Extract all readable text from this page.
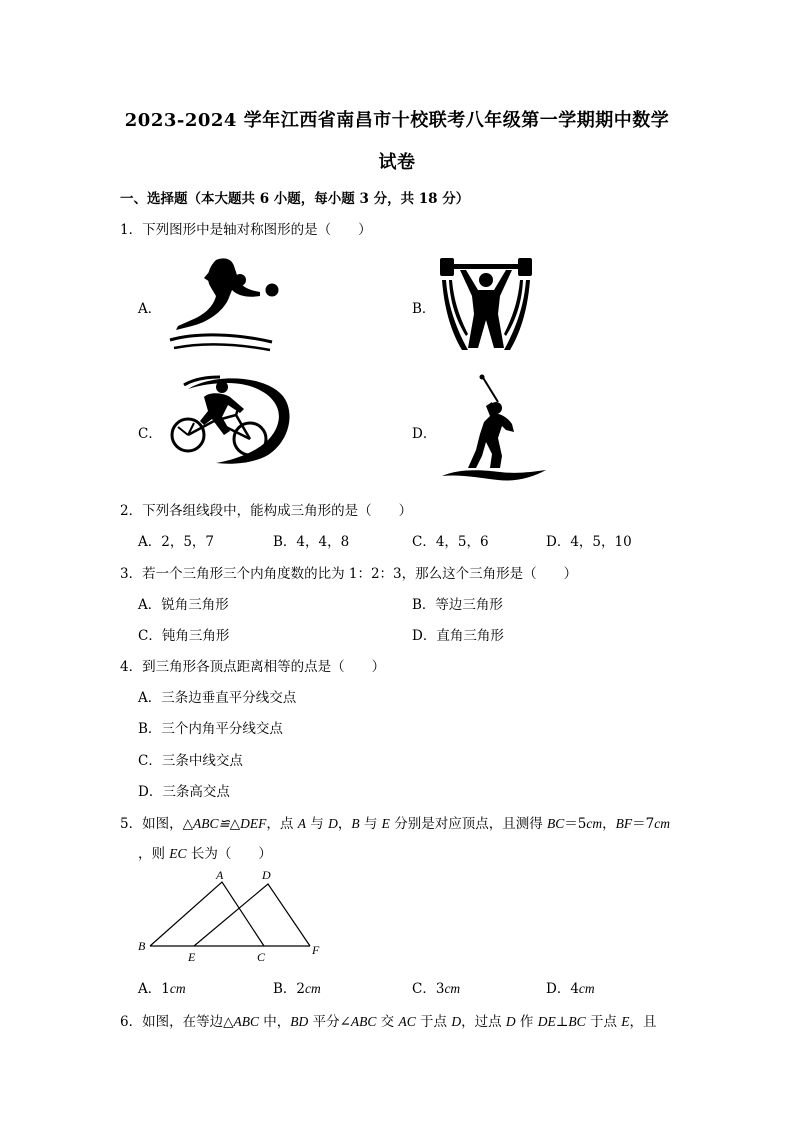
2023-2024 学年江西省南昌市十校联考八年级第一学期期中数学
试卷
一、选择题（本大题共 6 小题，每小题 3 分，共 18 分）
1．下列图形中是轴对称图形的是（　　）
A．	B．
C．	D．
2．下列各组线段中，能构成三角形的是（　　）
A．2，5，7	B．4，4，8	C．4，5，6	D．4，5，10
3．若一个三角形三个内角度数的比为 1：2：3，那么这个三角形是（　　）
A．锐角三角形	B．等边三角形
C．钝角三角形	D．直角三角形
4．到三角形各顶点距离相等的点是（　　）
A．三条边垂直平分线交点
B．三个内角平分线交点
C．三条中线交点
D．三条高交点
5．如图，△ABC≌△DEF，点 A 与 D，B 与 E 分别是对应顶点，且测得 BC＝5cm，BF＝7cm
，则 EC 长为（　　）
A	D
B
E	C	F
A．1cm	B．2cm	C．3cm	D．4cm
6．如图，在等边△ABC 中，BD 平分∠ABC 交 AC 于点 D，过点 D 作 DE⊥BC 于点 E，且
